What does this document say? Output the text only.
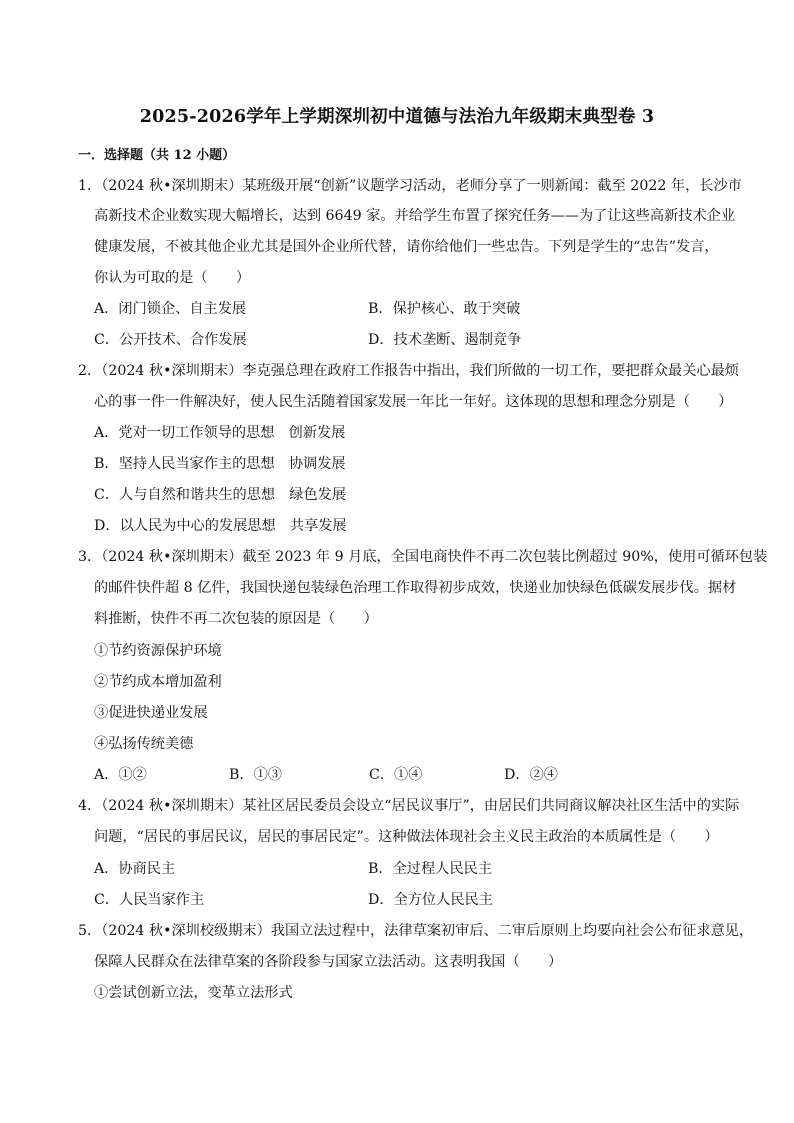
2025-2026学年上学期深圳初中道德与法治九年级期末典型卷 3
一．选择题（共 12 小题）
1．（2024 秋•深圳期末）某班级开展“创新”议题学习活动，老师分享了一则新闻：截至 2022 年，长沙市
高新技术企业数实现大幅增长，达到 6649 家。并给学生布置了探究任务——为了让这些高新技术企业
健康发展，不被其他企业尤其是国外企业所代替，请你给他们一些忠告。下列是学生的“忠告”发言，
你认为可取的是（　　）
A．闭门锁企、自主发展	B．保护核心、敢于突破
C．公开技术、合作发展	D．技术垄断、遏制竞争
2．（2024 秋•深圳期末）李克强总理在政府工作报告中指出，我们所做的一切工作，要把群众最关心最烦
心的事一件一件解决好，使人民生活随着国家发展一年比一年好。这体现的思想和理念分别是（　　）
A．党对一切工作领导的思想　创新发展
B．坚持人民当家作主的思想　协调发展
C．人与自然和谐共生的思想　绿色发展
D．以人民为中心的发展思想　共享发展
3．（2024 秋•深圳期末）截至 2023 年 9 月底，全国电商快件不再二次包装比例超过 90%，使用可循环包装
的邮件快件超 8 亿件，我国快递包装绿色治理工作取得初步成效，快递业加快绿色低碳发展步伐。据材
料推断，快件不再二次包装的原因是（　　）
①节约资源保护环境
②节约成本增加盈利
③促进快递业发展
④弘扬传统美德
A．①②	B．①③	C．①④	D．②④
4．（2024 秋•深圳期末）某社区居民委员会设立“居民议事厅”，由居民们共同商议解决社区生活中的实际
问题，“居民的事居民议，居民的事居民定”。这种做法体现社会主义民主政治的本质属性是（　　）
A．协商民主	B．全过程人民民主
C．人民当家作主	D．全方位人民民主
5．（2024 秋•深圳校级期末）我国立法过程中，法律草案初审后、二审后原则上均要向社会公布征求意见，
保障人民群众在法律草案的各阶段参与国家立法活动。这表明我国（　　）
①尝试创新立法，变革立法形式
